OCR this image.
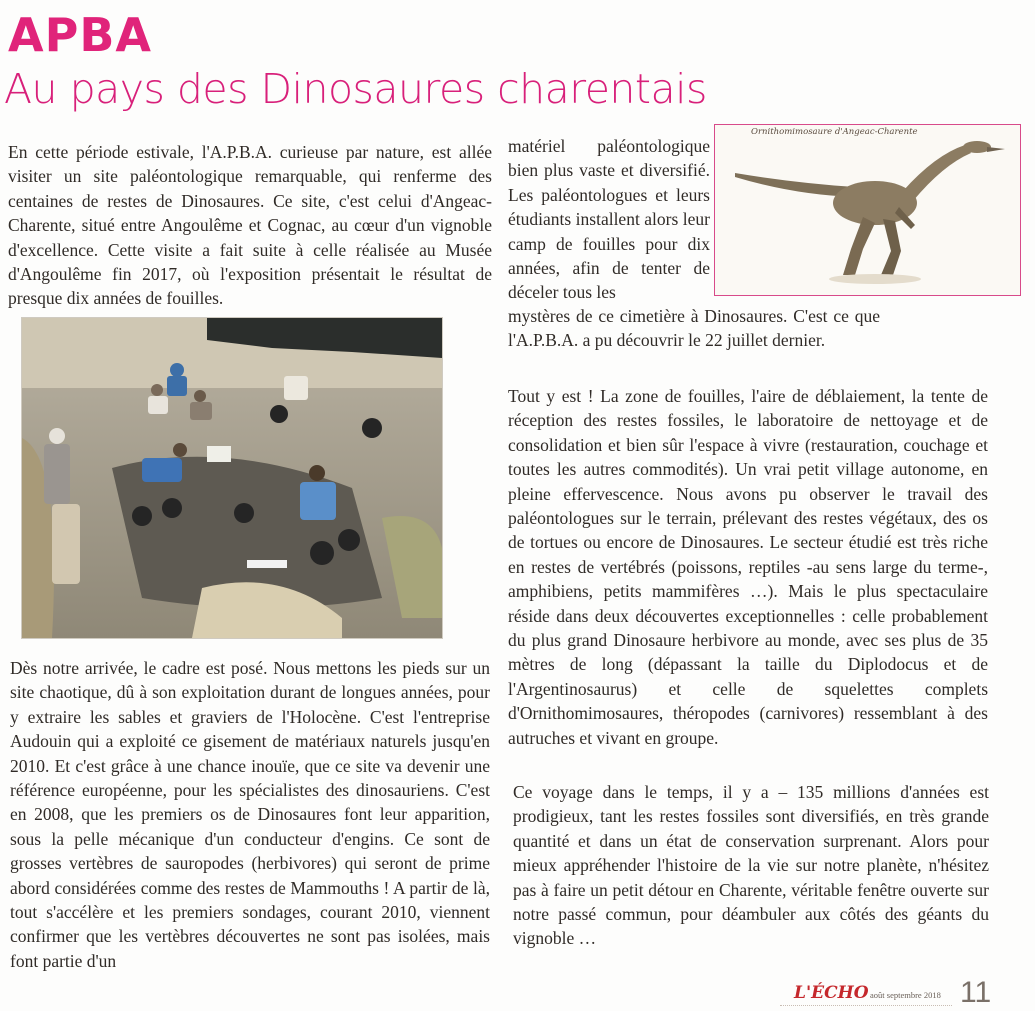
APBA
Au pays des Dinosaures charentais

En cette période estivale, l'A.P.B.A. curieuse par nature, est allée visiter un site paléontologique remarquable, qui renferme des centaines de restes de Dinosaures. Ce site, c'est celui d'Angeac-Charente, situé entre Angoulême et Cognac, au cœur d'un vignoble d'excellence. Cette visite a fait suite à celle réalisée au Musée d'Angoulême fin 2017, où l'exposition présentait le résultat de presque dix années de fouilles.

Dès notre arrivée, le cadre est posé. Nous mettons les pieds sur un site chaotique, dû à son exploitation durant de longues années, pour y extraire les sables et graviers de l'Holocène. C'est l'entreprise Audouin qui a exploité ce gisement de matériaux naturels jusqu'en 2010. Et c'est grâce à une chance inouïe, que ce site va devenir une référence européenne, pour les spécialistes des dinosauriens. C'est en 2008, que les premiers os de Dinosaures font leur apparition, sous la pelle mécanique d'un conducteur d'engins. Ce sont de grosses vertèbres de sauropodes (herbivores) qui seront de prime abord considérées comme des restes de Mammouths ! A partir de là, tout s'accélère et les premiers sondages, courant 2010, viennent confirmer que les vertèbres découvertes ne sont pas isolées, mais font partie d'un

matériel paléontologique bien plus vaste et diversifié. Les paléontologues et leurs étudiants installent alors leur camp de fouilles pour dix années, afin de tenter de déceler tous les

Ornithomimosaure d'Angeac-Charente

mystères de ce cimetière à Dinosaures. C'est ce que l'A.P.B.A. a pu découvrir le 22 juillet dernier.

Tout y est ! La zone de fouilles, l'aire de déblaiement, la tente de réception des restes fossiles, le laboratoire de nettoyage et de consolidation et bien sûr l'espace à vivre (restauration, couchage et toutes les autres commodités). Un vrai petit village autonome, en pleine effervescence. Nous avons pu observer le travail des paléontologues sur le terrain, prélevant des restes végétaux, des os de tortues ou encore de Dinosaures. Le secteur étudié est très riche en restes de vertébrés (poissons, reptiles -au sens large du terme-, amphibiens, petits mammifères …). Mais le plus spectaculaire réside dans deux découvertes exceptionnelles : celle probablement du plus grand Dinosaure herbivore au monde, avec ses plus de 35 mètres de long (dépassant la taille du Diplodocus et de l'Argentinosaurus) et celle de squelettes complets d'Ornithomimosaures, théropodes (carnivores) ressemblant à des autruches et vivant en groupe.

Ce voyage dans le temps, il y a – 135 millions d'années est prodigieux, tant les restes fossiles sont diversifiés, en très grande quantité et dans un état de conservation surprenant. Alors pour mieux appréhender l'histoire de la vie sur notre planète, n'hésitez pas à faire un petit détour en Charente, véritable fenêtre ouverte sur notre passé commun, pour déambuler aux côtés des géants du vignoble …

L'ÉCHO août septembre 2018 11
